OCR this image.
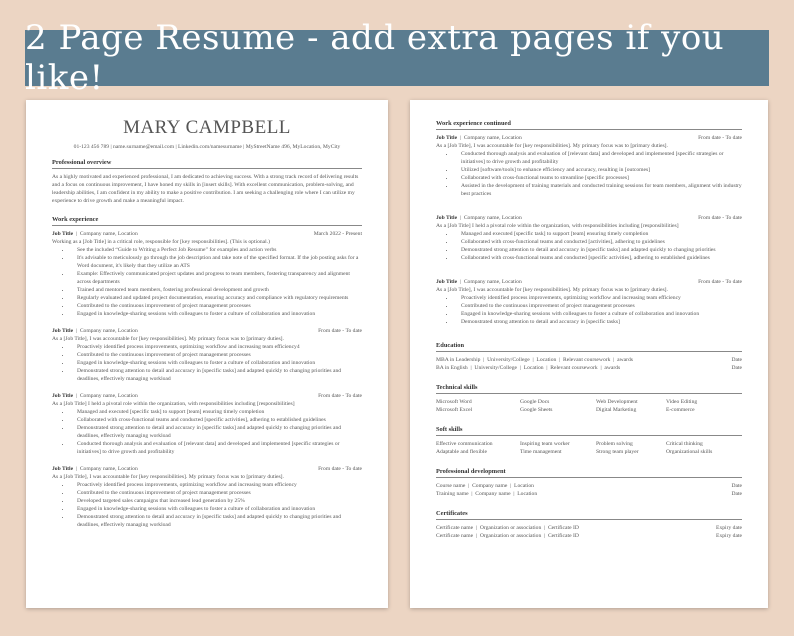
2 Page Resume - add extra pages if you like!
MARY CAMPBELL
01-123 456 789 | name.surname@email.com | Linkedin.com/namesurname | MyStreetName 496, MyLocation, MyCity
Professional overview
As a highly motivated and experienced professional, I am dedicated to achieving success. With a strong track record of delivering results and a focus on continuous improvement, I have honed my skills in [insert skills]. With excellent communication, problem-solving, and leadership abilities, I am confident in my ability to make a positive contribution. I am seeking a challenging role where I can utilize my experience to drive growth and make a meaningful impact.
Work experience
Job Title  |  Company name, Location	March 2022 - Present
Working as a [Job Title] in a critical role, responsible for [key responsibilities]. (This is optional.)
• See the included “Guide to Writing a Perfect Job Resume” for examples and action verbs
• It's advisable to meticulously go through the job description and take note of the specified format. If the job posting asks for a Word document, it's likely that they utilize an ATS
• Example: Effectively communicated project updates and progress to team members, fostering transparency and alignment across departments
• Trained and mentored team members, fostering professional development and growth
• Regularly evaluated and updated project documentation, ensuring accuracy and compliance with regulatory requirements
• Contributed to the continuous improvement of project management processes
• Engaged in knowledge-sharing sessions with colleagues to foster a culture of collaboration and innovation
Job Title  |  Company name, Location	From date - To date
As a [Job Title], I was accountable for [key responsibilities]. My primary focus was to [primary duties].
• Proactively identified process improvements, optimizing workflow and increasing team efficiency4
• Contributed to the continuous improvement of project management processes
• Engaged in knowledge-sharing sessions with colleagues to foster a culture of collaboration and innovation
• Demonstrated strong attention to detail and accuracy in [specific tasks] and adapted quickly to changing priorities and deadlines, effectively managing workload
Job Title  |  Company name, Location	From date - To date
As a [Job Title] I held a pivotal role within the organization, with responsibilities including [responsibilities]
• Managed and executed [specific task] to support [team] ensuring timely completion
• Collaborated with cross-functional teams and conducted [specific activities], adhering to established guidelines
• Demonstrated strong attention to detail and accuracy in [specific tasks] and adapted quickly to changing priorities and deadlines, effectively managing workload
• Conducted thorough analysis and evaluation of [relevant data] and developed and implemented [specific strategies or initiatives] to drive growth and profitability
Job Title  |  Company name, Location	From date - To date
As a [Job Title], I was accountable for [key responsibilities]. My primary focus was to [primary duties].
• Proactively identified process improvements, optimizing workflow and increasing team efficiency
• Contributed to the continuous improvement of project management processes
• Developed targeted sales campaigns that increased lead generation by 25%
• Engaged in knowledge-sharing sessions with colleagues to foster a culture of collaboration and innovation
• Demonstrated strong attention to detail and accuracy in [specific tasks] and adapted quickly to changing priorities and deadlines, effectively managing workload
Work experience continued
Job Title  |  Company name, Location	From date - To date
As a [Job Title], I was accountable for [key responsibilities]. My primary focus was to [primary duties].
• Conducted thorough analysis and evaluation of [relevant data] and developed and implemented [specific strategies or initiatives] to drive growth and profitability
• Utilized [software/tools] to enhance efficiency and accuracy, resulting in [outcomes]
• Collaborated with cross-functional teams to streamline [specific processes]
• Assisted in the development of training materials and conducted training sessions for team members, alignment with industry best practices
Job Title  |  Company name, Location	From date - To date
As a [Job Title] I held a pivotal role within the organization, with responsibilities including [responsibilities]
• Managed and executed [specific task] to support [team] ensuring timely completion
• Collaborated with cross-functional teams and conducted [activities], adhering to guidelines
• Demonstrated strong attention to detail and accuracy in [specific tasks] and adapted quickly to changing priorities
• Collaborated with cross-functional teams and conducted [specific activities], adhering to established guidelines
Job Title  |  Company name, Location	From date - To date
As a [Job Title], I was accountable for [key responsibilities]. My primary focus was to [primary duties].
• Proactively identified process improvements, optimizing workflow and increasing team efficiency
• Contributed to the continuous improvement of project management processes
• Engaged in knowledge-sharing sessions with colleagues to foster a culture of collaboration and innovation
• Demonstrated strong attention to detail and accuracy in [specific tasks]
Education
MBA in Leadership  |  University/College  |  Location  |  Relevant coursework  |  awards	Date
BA in English  |  University/College  |  Location  |  Relevant coursework  |  awards	Date
Technical skills
Microsoft Word	Google Docs	Web Development	Video Editing
Microsoft Excel	Google Sheets	Digital Marketing	E-commerce
Soft skills
Effective communication	Inspiring team worker	Problem solving	Critical thinking
Adaptable and flexible	Time management	Strong team player	Organizational skills
Professional development
Course name  |  Company name  |  Location	Date
Training name  |  Company name  |  Location	Date
Certificates
Certificate name  |  Organization or association  |  Certificate ID	Expiry date
Certificate name  |  Organization or association  |  Certificate ID	Expiry date
